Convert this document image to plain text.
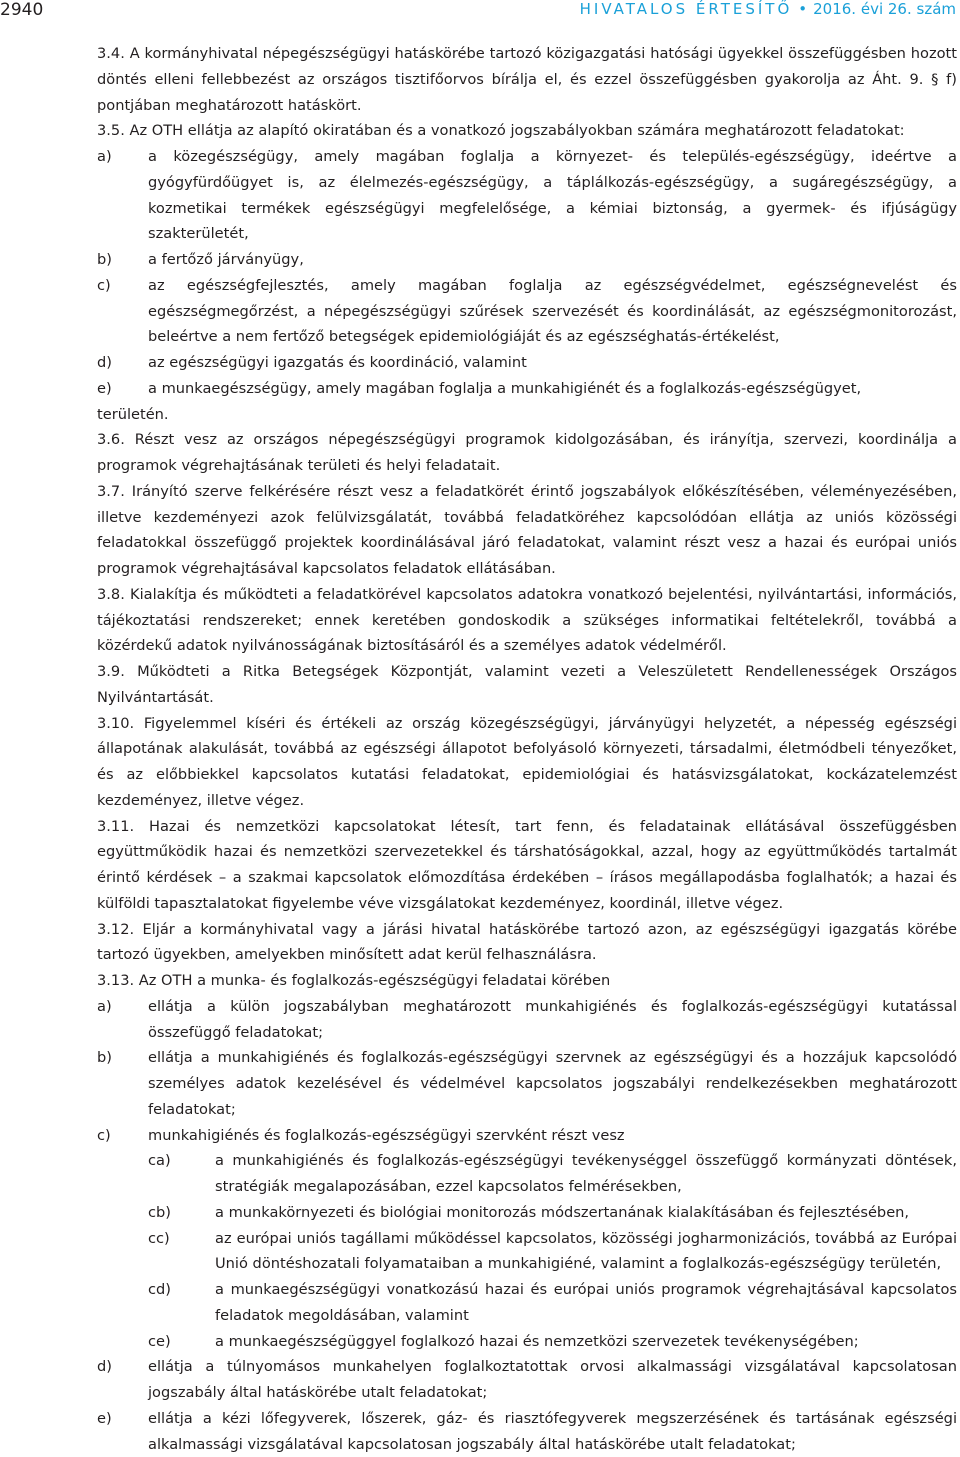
2940	HIVATALOS ÉRTESÍTŐ • 2016. évi 26. szám

3.4. A kormányhivatal népegészségügyi hatáskörébe tartozó közigazgatási hatósági ügyekkel összefüggésben hozott döntés elleni fellebbezést az országos tisztifőorvos bírálja el, és ezzel összefüggésben gyakorolja az Áht. 9. § f) pontjában meghatározott hatáskört.

3.5. Az OTH ellátja az alapító okiratában és a vonatkozó jogszabályokban számára meghatározott feladatokat:

a)	a közegészségügy, amely magában foglalja a környezet- és település-egészségügy, ideértve a gyógyfürdőügyet is, az élelmezés-egészségügy, a táplálkozás-egészségügy, a sugáregészségügy, a kozmetikai termékek egészségügyi megfelelősége, a kémiai biztonság, a gyermek- és ifjúságügy szakterületét,
b)	a fertőző járványügy,
c)	az egészségfejlesztés, amely magában foglalja az egészségvédelmet, egészségnevelést és egészségmegőrzést, a népegészségügyi szűrések szervezését és koordinálását, az egészségmonitorozást, beleértve a nem fertőző betegségek epidemiológiáját és az egészséghatás-értékelést,
d)	az egészségügyi igazgatás és koordináció, valamint
e)	a munkaegészségügy, amely magában foglalja a munkahigiénét és a foglalkozás-egészségügyet,

területén.

3.6. Részt vesz az országos népegészségügyi programok kidolgozásában, és irányítja, szervezi, koordinálja a programok végrehajtásának területi és helyi feladatait.

3.7. Irányító szerve felkérésére részt vesz a feladatkörét érintő jogszabályok előkészítésében, véleményezésében, illetve kezdeményezi azok felülvizsgálatát, továbbá feladatköréhez kapcsolódóan ellátja az uniós közösségi feladatokkal összefüggő projektek koordinálásával járó feladatokat, valamint részt vesz a hazai és európai uniós programok végrehajtásával kapcsolatos feladatok ellátásában.

3.8. Kialakítja és működteti a feladatkörével kapcsolatos adatokra vonatkozó bejelentési, nyilvántartási, információs, tájékoztatási rendszereket; ennek keretében gondoskodik a szükséges informatikai feltételekről, továbbá a közérdekű adatok nyilvánosságának biztosításáról és a személyes adatok védelméről.

3.9. Működteti a Ritka Betegségek Központját, valamint vezeti a Veleszületett Rendellenességek Országos Nyilvántartását.

3.10. Figyelemmel kíséri és értékeli az ország közegészségügyi, járványügyi helyzetét, a népesség egészségi állapotának alakulását, továbbá az egészségi állapotot befolyásoló környezeti, társadalmi, életmódbeli tényezőket, és az előbbiekkel kapcsolatos kutatási feladatokat, epidemiológiai és hatásvizsgálatokat, kockázatelemzést kezdeményez, illetve végez.

3.11. Hazai és nemzetközi kapcsolatokat létesít, tart fenn, és feladatainak ellátásával összefüggésben együttműködik hazai és nemzetközi szervezetekkel és társhatóságokkal, azzal, hogy az együttműködés tartalmát érintő kérdések – a szakmai kapcsolatok előmozdítása érdekében – írásos megállapodásba foglalhatók; a hazai és külföldi tapasztalatokat figyelembe véve vizsgálatokat kezdeményez, koordinál, illetve végez.

3.12. Eljár a kormányhivatal vagy a járási hivatal hatáskörébe tartozó azon, az egészségügyi igazgatás körébe tartozó ügyekben, amelyekben minősített adat kerül felhasználásra.

3.13. Az OTH a munka- és foglalkozás-egészségügyi feladatai körében

a)	ellátja a külön jogszabályban meghatározott munkahigiénés és foglalkozás-egészségügyi kutatással összefüggő feladatokat;
b)	ellátja a munkahigiénés és foglalkozás-egészségügyi szervnek az egészségügyi és a hozzájuk kapcsolódó személyes adatok kezelésével és védelmével kapcsolatos jogszabályi rendelkezésekben meghatározott feladatokat;
c)	munkahigiénés és foglalkozás-egészségügyi szervként részt vesz
ca)	a munkahigiénés és foglalkozás-egészségügyi tevékenységgel összefüggő kormányzati döntések, stratégiák megalapozásában, ezzel kapcsolatos felmérésekben,
cb)	a munkakörnyezeti és biológiai monitorozás módszertanának kialakításában és fejlesztésében,
cc)	az európai uniós tagállami működéssel kapcsolatos, közösségi jogharmonizációs, továbbá az Európai Unió döntéshozatali folyamataiban a munkahigiéné, valamint a foglalkozás-egészségügy területén,
cd)	a munkaegészségügyi vonatkozású hazai és európai uniós programok végrehajtásával kapcsolatos feladatok megoldásában, valamint
ce)	a munkaegészségüggyel foglalkozó hazai és nemzetközi szervezetek tevékenységében;
d)	ellátja a túlnyomásos munkahelyen foglalkoztatottak orvosi alkalmassági vizsgálatával kapcsolatosan jogszabály által hatáskörébe utalt feladatokat;
e)	ellátja a kézi lőfegyverek, lőszerek, gáz- és riasztófegyverek megszerzésének és tartásának egészségi alkalmassági vizsgálatával kapcsolatosan jogszabály által hatáskörébe utalt feladatokat;
